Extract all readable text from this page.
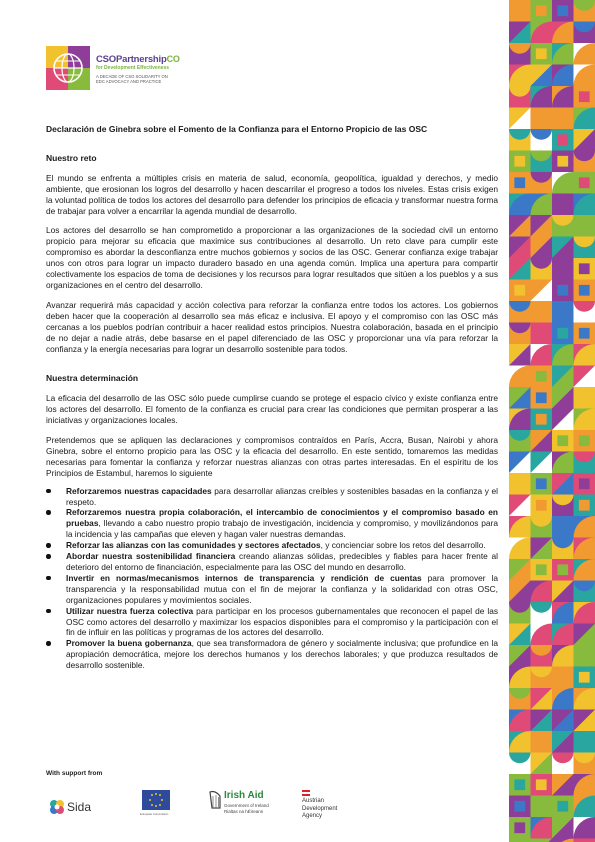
CSOPartnershipCO
for Development Effectiveness
A DECADE OF CSO SOLIDARITY ON EDC ADVOCACY AND PRACTICE

Declaración de Ginebra sobre el Fomento de la Confianza para el Entorno Propicio de las OSC

Nuestro reto

El mundo se enfrenta a múltiples crisis en materia de salud, economía, geopolítica, igualdad y derechos, y medio ambiente, que erosionan los logros del desarrollo y hacen descarrilar el progreso a todos los niveles. Estas crisis exigen la voluntad política de todos los actores del desarrollo para defender los principios de eficacia y transformar nuestra forma de trabajar para volver a encarrilar la agenda mundial de desarrollo.

Los actores del desarrollo se han comprometido a proporcionar a las organizaciones de la sociedad civil un entorno propicio para mejorar su eficacia que maximice sus contribuciones al desarrollo. Un reto clave para cumplir este compromiso es abordar la desconfianza entre muchos gobiernos y socios de las OSC. Generar confianza exige trabajar unos con otros para lograr un impacto duradero basado en una agenda común. Implica una apertura para compartir colectivamente los espacios de toma de decisiones y los recursos para lograr resultados que sitúen a los pueblos y a sus organizaciones en el centro del desarrollo.

Avanzar requerirá más capacidad y acción colectiva para reforzar la confianza entre todos los actores. Los gobiernos deben hacer que la cooperación al desarrollo sea más eficaz e inclusiva. El apoyo y el compromiso con las OSC más cercanas a los pueblos podrían contribuir a hacer realidad estos principios. Nuestra colaboración, basada en el principio de no dejar a nadie atrás, debe basarse en el papel diferenciado de las OSC y proporcionar una vía para reforzar la confianza y la energía necesarias para lograr un desarrollo sostenible para todos.

Nuestra determinación

La eficacia del desarrollo de las OSC sólo puede cumplirse cuando se protege el espacio cívico y existe confianza entre los actores del desarrollo. El fomento de la confianza es crucial para crear las condiciones que permitan prosperar a las iniciativas y organizaciones locales.

Pretendemos que se apliquen las declaraciones y compromisos contraídos en París, Accra, Busan, Nairobi y ahora Ginebra, sobre el entorno propicio para las OSC y la eficacia del desarrollo. En este sentido, tomaremos las medidas necesarias para fomentar la confianza y reforzar nuestras alianzas con otras partes interesadas. En el espíritu de los Principios de Estambul, haremos lo siguiente

Reforzaremos nuestras capacidades para desarrollar alianzas creíbles y sostenibles basadas en la confianza y el respeto.
Reforzaremos nuestra propia colaboración, el intercambio de conocimientos y el compromiso basado en pruebas, llevando a cabo nuestro propio trabajo de investigación, incidencia y compromiso, y movilizándonos para la incidencia y las campañas que eleven y hagan valer nuestras demandas.
Reforzar las alianzas con las comunidades y sectores afectados, y concienciar sobre los retos del desarrollo.
Abordar nuestra sostenibilidad financiera creando alianzas sólidas, predecibles y fiables para hacer frente al deterioro del entorno de financiación, especialmente para las OSC del mundo en desarrollo.
Invertir en normas/mecanismos internos de transparencia y rendición de cuentas para promover la transparencia y la responsabilidad mutua con el fin de mejorar la confianza y la solidaridad con otras OSC, organizaciones populares y movimientos sociales.
Utilizar nuestra fuerza colectiva para participar en los procesos gubernamentales que reconocen el papel de las OSC como actores del desarrollo y maximizar los espacios disponibles para el compromiso y la participación con el fin de influir en las políticas y programas de los actores del desarrollo.
Promover la buena gobernanza, que sea transformadora de género y socialmente inclusiva; que profundice en la apropiación democrática, mejore los derechos humanos y los derechos laborales; y que produzca resultados de desarrollo sostenible.
With support from
Sida	European Commission
Irish Aid
Government of Ireland
Rialtas na hÉireann
Austrian
Development
Agency
